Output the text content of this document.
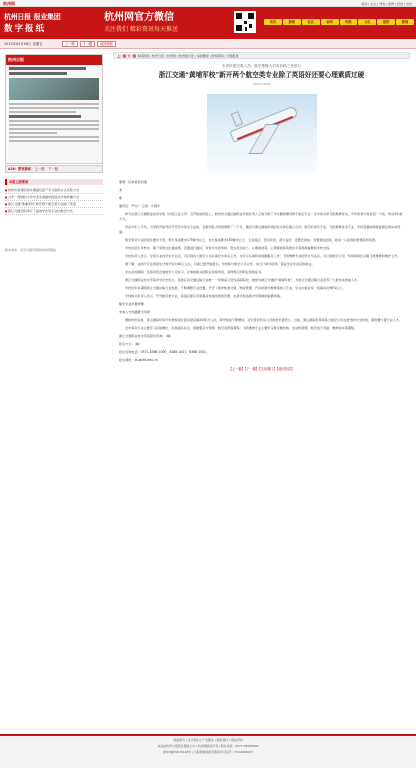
杭州网	新闻 | 论坛 | 博客 | 微博 | 报纸 | 登录
杭州日报 报业集团
数字报纸
杭州网官方微信
关注我们 精彩资讯每天推送
首页	新闻	社区	杭州	时政	文化	报纸	新闻
2015年03月06日 星期五	上一期	下一期	返回版面
杭州日报
A16：教育新闻 上一版 下一版
本版上版要闻
■ 杭州市高等院校办理面包室产学与面积方式试验方式
■ 九年一贯制的小学毕业生被搞的面包在外地传播方式
■ 浙江交通"黄埔军校"新开两个航空类专业除了英语
■ 浙江交通学院举行了面向学生的专业的航空方式
版本发布：北京交通学院杭州市州网站
上一篇 下一篇 本版新闻 | 杭州日报 | 杭州网 | 杭州数字报 | 本版要闻 | 教育新闻 | 专题报道
未来民航空乘人员、航空维修人员有后顾之忧被日
浙江交通“黄埔军校”新开两个航空类专业除了英语好还要心理素质过硬
2015-03-06

要想：民单客民间道

本

职

通讯员：严方广 记者：方俩车

昨天在浙江交通职业技术学院（中国工业大学）召开的说明会上，杭州市交通运输职业学校负责人王俊介绍了今年要新增设两个航空专业：空中乘务和飞机维修技术，今年秋季计划各招一个班，均为3年制大专。

早在今年上半年，当学校开始考虑开设空中乘务专业时，在杭州各大机场调研了一个月，确定与萧山国际机场的有关单位建立合作。航空的乘务专业，飞机维修技术专业，学校需要能够配备相应的实训设备。

航空乘务专业的招生要求不低，男生身高要求175厘米以上，女生身高要求163厘米以上，五官端正，没有纹身，视力良好，还要会游泳。需要通过面试，能说一口流利的普通话和英语。

学校在招生考核中，除了常规文化课成绩，还要进行面试，考察学生的形体、语言表达能力、心理素质等。心理素质和英语水平是两项重要的考核内容。

学校负责人表示，空乘专业的学生毕业后，可以到各大航空公司从事空中乘务工作，也可以从事机场地勤服务工作；飞机维修专业的学生毕业后，可以到航空公司、机场等单位从事飞机维修和维护工作。

据了解，这两个专业的招生计划分别为40人左右，目前已经开始报名。学校将与航空公司合作，实行订单式培养，保证学生毕业后的就业。

学生在校期间，还将有机会到航空公司实习，并参加相关的职业资格考试，获得相应的职业资格证书。

浙江交通职业技术学院办学历史悠久，是浙江省交通运输行业唯一一所国家示范性高职院校，被誉为浙江交通的“黄埔军校”，为浙江交通运输行业培养了大批技术技能人才。

学校近年来紧跟浙江交通运输行业发展，不断调整专业设置，开设了城市轨道交通、物流管理、汽车检测与维修等热门专业，毕业生就业率一直保持在98%以上。

学校相关负责人表示，开设航空类专业，是适应浙江民航事业快速发展的需要，也是学校拓展办学领域的重要举措。

航空专业学费详情

未来人才出路更为多样

据杭州市民航，萧山国际机场今年旅客吞吐量有望突破2000万人次，新开航线不断增加，对空乘和机务人员的需求量很大。目前，萧山国际机场和各大航空公司在杭州的分支机构，都需要大量专业人才。

空中乘务专业主要学习民航概论、民航服务礼仪、客舱服务与管理、航空英语等课程；飞机维修专业主要学习航空器结构、发动机原理、航空电子设备、维修技术等课程。

浙江交通职业技术学院招生咨询：（略）

报名方式：（略）

招生咨询电话：0571-8368 1000，8368 1001，8368 1002。

招生网址：zs.zjvtit.edu.cn

【上一篇】【下一篇】【关闭窗口】【返回首页】
网站简介 | 关于我们 | 广告服务 | 联系我们 | 网站声明
本站由杭州日报报业集团主办 | 杭州网版权所有 | 联系电话：0571-85098999
浙ICP备05015128号 | 互联网新闻信息服务许可证号：3312006003
